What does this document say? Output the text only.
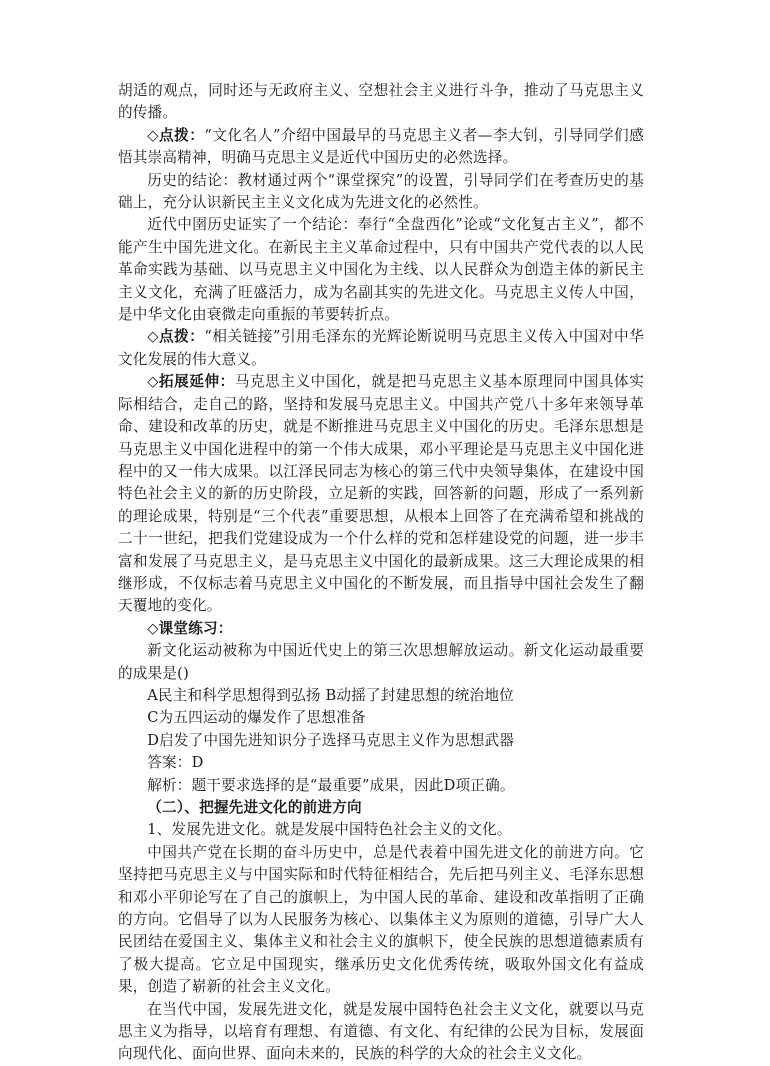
胡适的观点，同时还与无政府主义、空想社会主义进行斗争，推动了马克思主义的传播。

◇点拨：“文化名人”介绍中国最早的马克思主义者—李大钊，引导同学们感悟其崇高精神，明确马克思主义是近代中国历史的必然选择。

历史的结论：教材通过两个“课堂探究”的设置，引导同学们在考查历史的基础上，充分认识新民主主义文化成为先进文化的必然性。

近代中圉历史证实了一个结论：奉行“全盘西化”论或“文化复古主义”，都不能产生中国先进文化。在新民主主义革命过程中，只有中国共产党代表的以人民革命实践为基础、以马克思主义中国化为主线、以人民群众为创造主体的新民主主义文化，充满了旺盛活力，成为名副其实的先进文化。马克思主义传人中国，是中华文化由衰微走向重振的苇要转折点。

◇点拨：“相关链接”引用毛泽东的光辉论断说明马克思主义传入中国对中华文化发展的伟大意义。

◇拓展延伸：马克思主义中国化，就是把马克思主义基本原理同中国具体实际相结合，走自己的路，坚持和发展马克思主义。中国共产党八十多年来领导革命、建设和改革的历史，就是不断推进马克思主义中国化的历史。毛泽东思想是马克思主义中国化进程中的第一个伟大成果，邓小平理论是马克思主义中国化进程中的又一伟大成果。以江泽民同志为核心的第三代中央领导集体，在建设中国特色社会主义的新的历史阶段，立足新的实践，回答新的问题，形成了一系列新的理论成果，特别是“三个代表”重要思想，从根本上回答了在充满希望和挑战的二十一世纪，把我们党建设成为一个什么样的党和怎样建设党的问题，进一步丰富和发展了马克思主义，是马克思主义中国化的最新成果。这三大理论成果的相继形成，不仅标志着马克思主义中国化的不断发展，而且指导中国社会发生了翻天覆地的变化。

◇课堂练习：

新文化运动被称为中国近代史上的第三次思想解放运动。新文化运动最重要的成果是()

A民主和科学思想得到弘扬 B动摇了封建思想的统治地位

C为五四运动的爆发作了思想准备

D启发了中国先进知识分子选择马克思主义作为思想武器

答案：D

解析：题干要求选择的是“最重要”成果，因此D项正确。

（二）、把握先进文化的前进方向

1、发展先进文化。就是发展中国特色社会主义的文化。

中国共产党在长期的奋斗历史中，总是代表着中国先进文化的前进方向。它坚持把马克思主义与中国实际和时代特征相结合，先后把马列主义、毛泽东思想和邓小平卯论写在了自己的旗帜上，为中国人民的革命、建设和改革指明了正确的方向。它倡导了以为人民服务为核心、以集体主义为原则的道德，引导广大人民团结在爱国主义、集体主义和社会主义的旗帜下，使全民族的思想道德素质有了极大提高。它立足中国现实，继承历史文化优秀传统，吸取外国文化有益成果，创造了崭新的社会主义文化。

在当代中国，发展先进文化，就是发展中国特色社会主义文化，就要以马克思主义为指导，以培育有理想、有道德、有文化、有纪律的公民为目标，发展面向现代化、面向世界、面向未来的，民族的科学的大众的社会主义文化。
